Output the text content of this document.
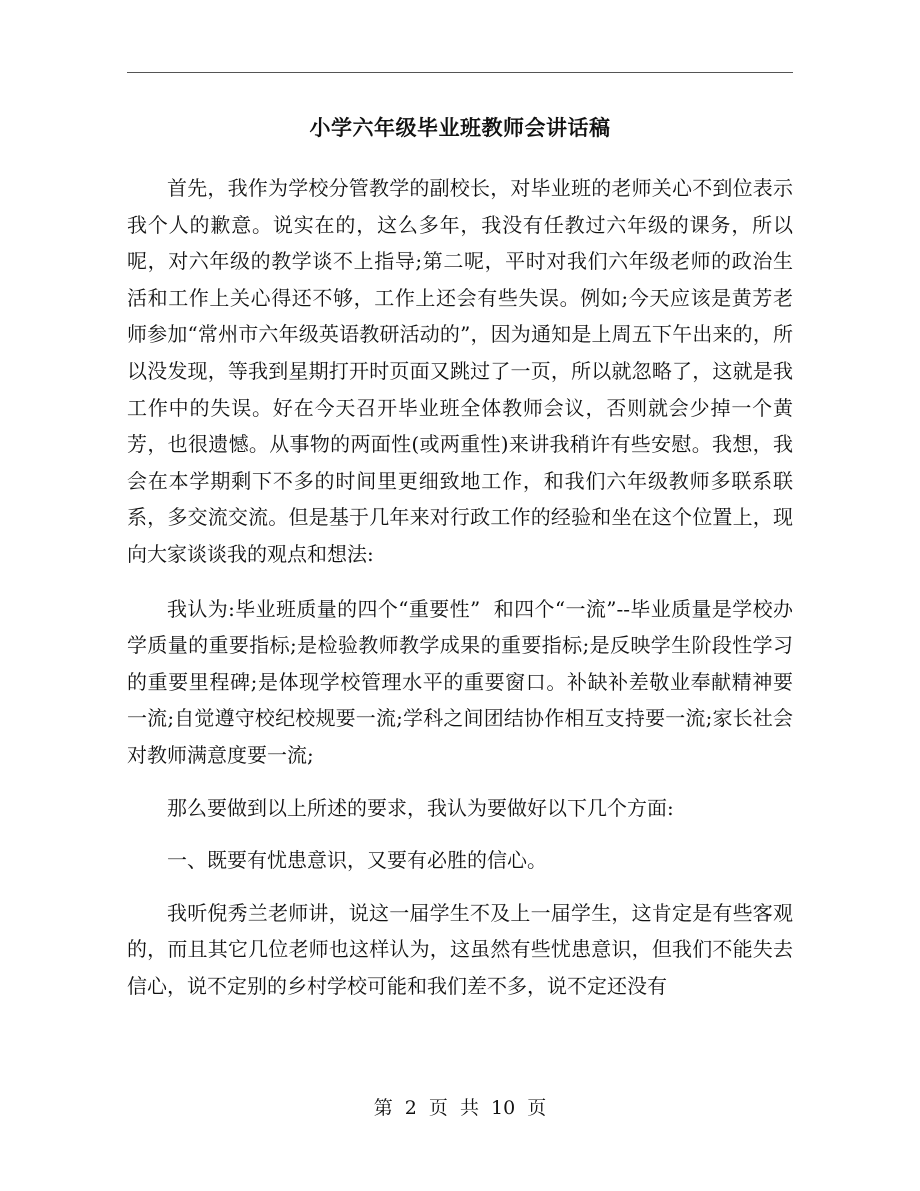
小学六年级毕业班教师会讲话稿

首先，我作为学校分管教学的副校长，对毕业班的老师关心不到位表示我个人的歉意。说实在的，这么多年，我没有任教过六年级的课务，所以呢，对六年级的教学谈不上指导;第二呢，平时对我们六年级老师的政治生活和工作上关心得还不够，工作上还会有些失误。例如;今天应该是黄芳老师参加“常州市六年级英语教研活动的”，因为通知是上周五下午出来的，所以没发现，等我到星期打开时页面又跳过了一页，所以就忽略了，这就是我工作中的失误。好在今天召开毕业班全体教师会议，否则就会少掉一个黄芳，也很遗憾。从事物的两面性(或两重性)来讲我稍许有些安慰。我想，我会在本学期剩下不多的时间里更细致地工作，和我们六年级教师多联系联系，多交流交流。但是基于几年来对行政工作的经验和坐在这个位置上，现向大家谈谈我的观点和想法:

我认为:毕业班质量的四个“重要性”  和四个“一流”--毕业质量是学校办学质量的重要指标;是检验教师教学成果的重要指标;是反映学生阶段性学习的重要里程碑;是体现学校管理水平的重要窗口。补缺补差敬业奉献精神要一流;自觉遵守校纪校规要一流;学科之间团结协作相互支持要一流;家长社会对教师满意度要一流;

那么要做到以上所述的要求，我认为要做好以下几个方面:

一、既要有忧患意识，又要有必胜的信心。

我听倪秀兰老师讲，说这一届学生不及上一届学生，这肯定是有些客观的，而且其它几位老师也这样认为，这虽然有些忧患意识，但我们不能失去信心，说不定别的乡村学校可能和我们差不多，说不定还没有

第 2 页 共 10 页
